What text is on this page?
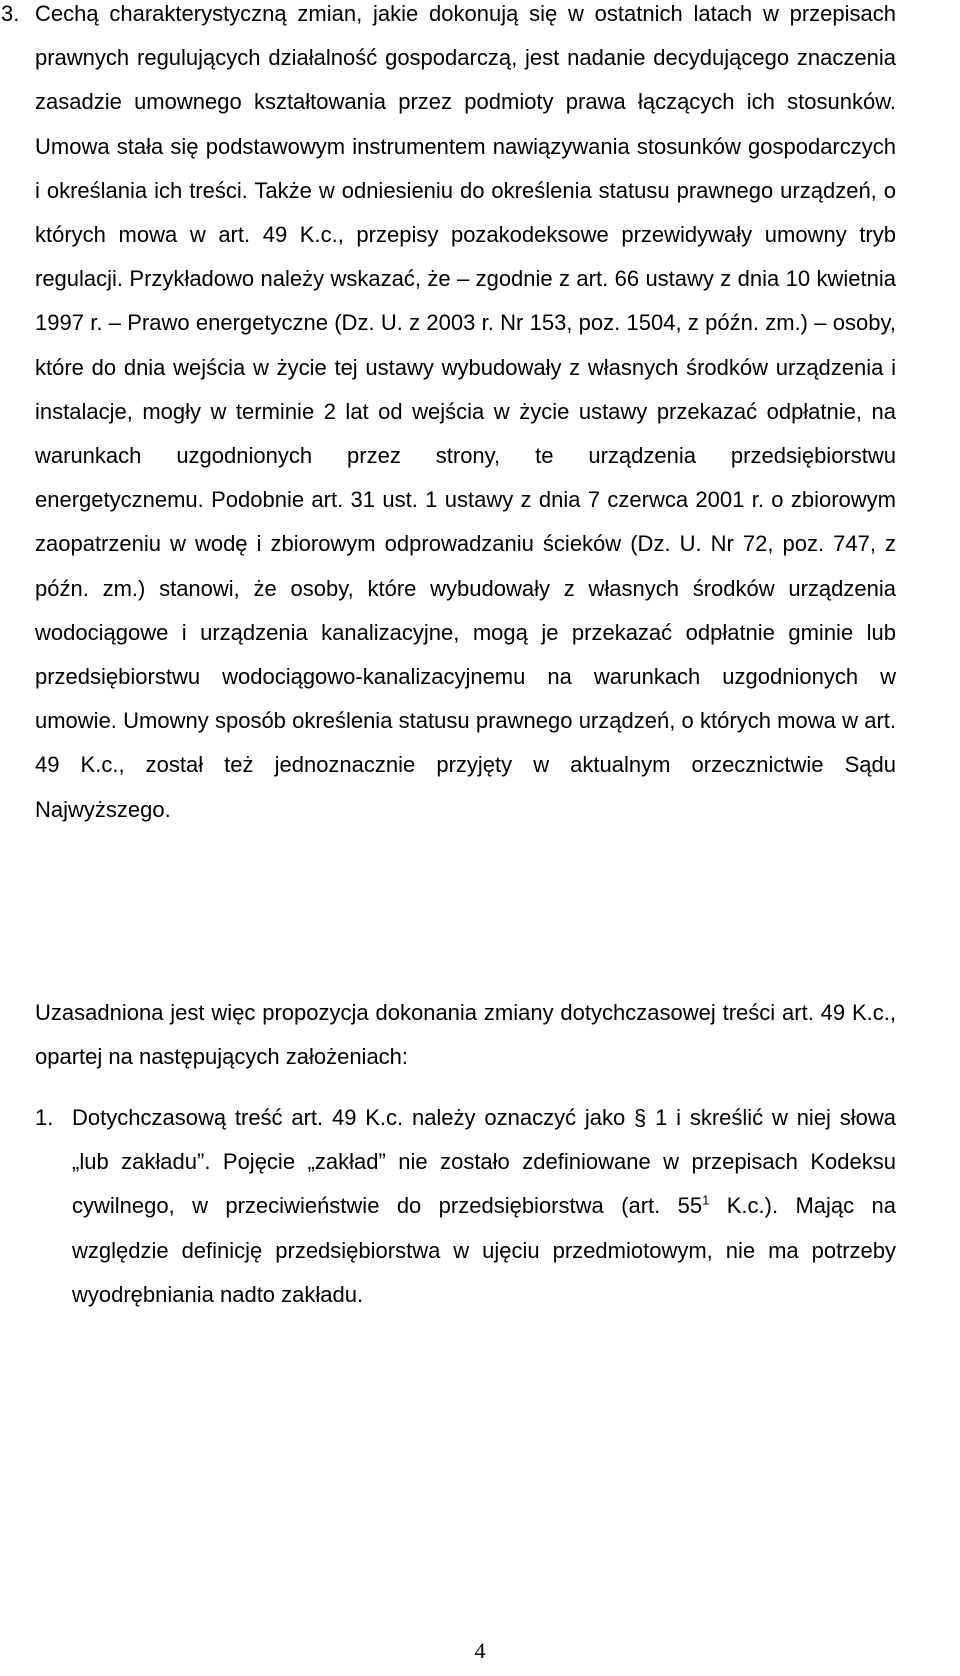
3. Cechą charakterystyczną zmian, jakie dokonują się w ostatnich latach w przepisach prawnych regulujących działalność gospodarczą, jest nadanie decydującego znaczenia zasadzie umownego kształtowania przez podmioty prawa łączących ich stosunków. Umowa stała się podstawowym instrumentem nawiązywania stosunków gospodarczych i określania ich treści. Także w odniesieniu do określenia statusu prawnego urządzeń, o których mowa w art. 49 K.c., przepisy pozakodeksowe przewidywały umowny tryb regulacji. Przykładowo należy wskazać, że – zgodnie z art. 66 ustawy z dnia 10 kwietnia 1997 r. – Prawo energetyczne (Dz. U. z 2003 r. Nr 153, poz. 1504, z późn. zm.) – osoby, które do dnia wejścia w życie tej ustawy wybudowały z własnych środków urządzenia i instalacje, mogły w terminie 2 lat od wejścia w życie ustawy przekazać odpłatnie, na warunkach uzgodnionych przez strony, te urządzenia przedsiębiorstwu energetycznemu. Podobnie art. 31 ust. 1 ustawy z dnia 7 czerwca 2001 r. o zbiorowym zaopatrzeniu w wodę i zbiorowym odprowadzaniu ścieków (Dz. U. Nr 72, poz. 747, z późn. zm.) stanowi, że osoby, które wybudowały z własnych środków urządzenia wodociągowe i urządzenia kanalizacyjne, mogą je przekazać odpłatnie gminie lub przedsiębiorstwu wodociągowo-kanalizacyjnemu na warunkach uzgodnionych w umowie. Umowny sposób określenia statusu prawnego urządzeń, o których mowa w art. 49 K.c., został też jednoznacznie przyjęty w aktualnym orzecznictwie Sądu Najwyższego.

Uzasadniona jest więc propozycja dokonania zmiany dotychczasowej treści art. 49 K.c., opartej na następujących założeniach:

1. Dotychczasową treść art. 49 K.c. należy oznaczyć jako § 1 i skreślić w niej słowa „lub zakładu”. Pojęcie „zakład” nie zostało zdefiniowane w przepisach Kodeksu cywilnego, w przeciwieństwie do przedsiębiorstwa (art. $55^1$ K.c.). Mając na względzie definicję przedsiębiorstwa w ujęciu przedmiotowym, nie ma potrzeby wyodrębniania nadto zakładu.

4
